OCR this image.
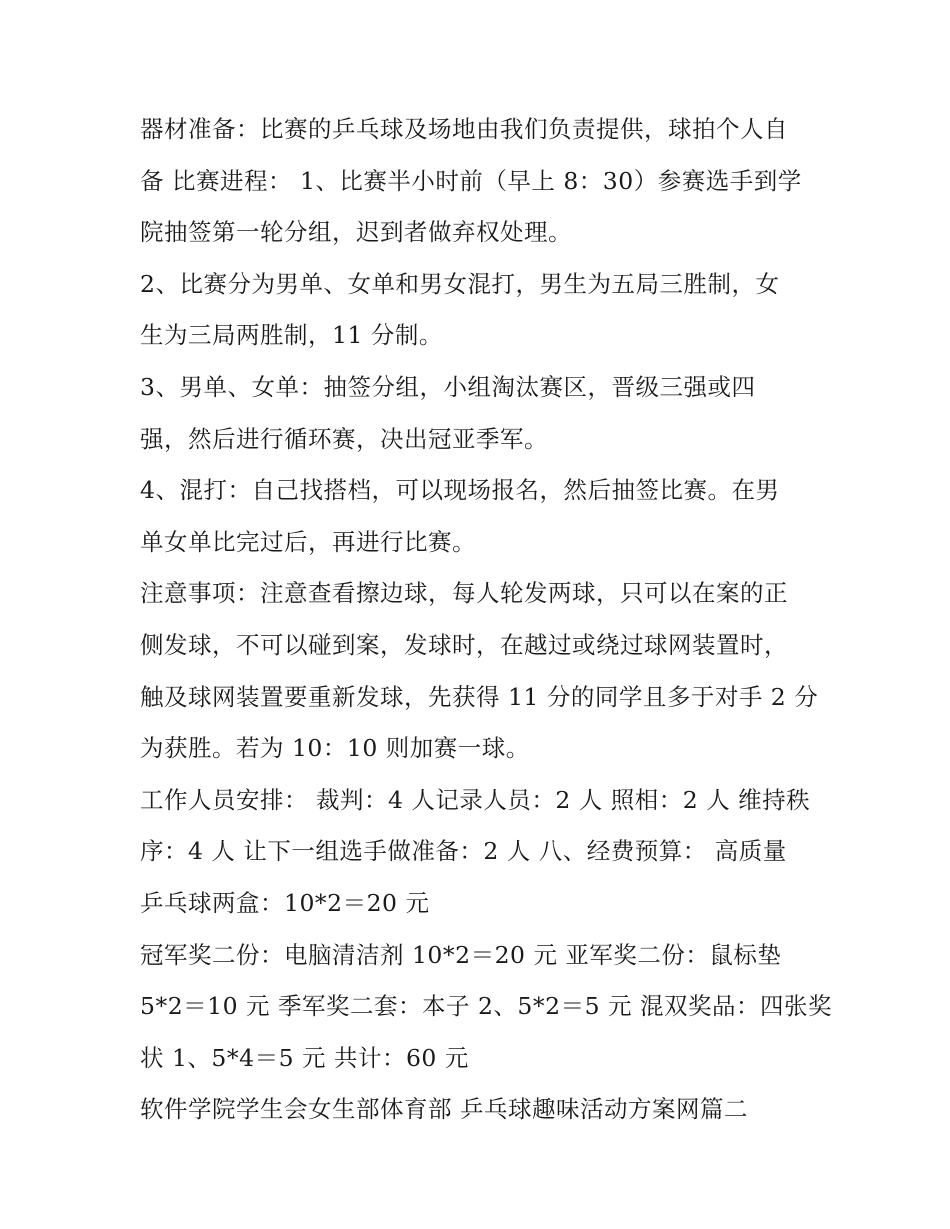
器材准备：比赛的乒乓球及场地由我们负责提供，球拍个人自
备 比赛进程： 1、比赛半小时前（早上 8：30）参赛选手到学
院抽签第一轮分组，迟到者做弃权处理。
2、比赛分为男单、女单和男女混打，男生为五局三胜制，女
生为三局两胜制，11 分制。
3、男单、女单：抽签分组，小组淘汰赛区，晋级三强或四
强，然后进行循环赛，决出冠亚季军。
4、混打：自己找搭档，可以现场报名，然后抽签比赛。在男
单女单比完过后，再进行比赛。
注意事项：注意查看擦边球，每人轮发两球，只可以在案的正
侧发球，不可以碰到案，发球时，在越过或绕过球网装置时，
触及球网装置要重新发球，先获得 11 分的同学且多于对手 2 分
为获胜。若为 10：10 则加赛一球。
工作人员安排： 裁判：4 人记录人员：2 人 照相：2 人 维持秩
序：4 人 让下一组选手做准备：2 人 八、经费预算： 高质量
乒乓球两盒：10*2＝20 元
冠军奖二份：电脑清洁剂 10*2＝20 元 亚军奖二份：鼠标垫
5*2＝10 元 季军奖二套：本子 2、5*2＝5 元 混双奖品：四张奖
状 1、5*4＝5 元 共计：60 元
软件学院学生会女生部体育部 乒乓球趣味活动方案网篇二
